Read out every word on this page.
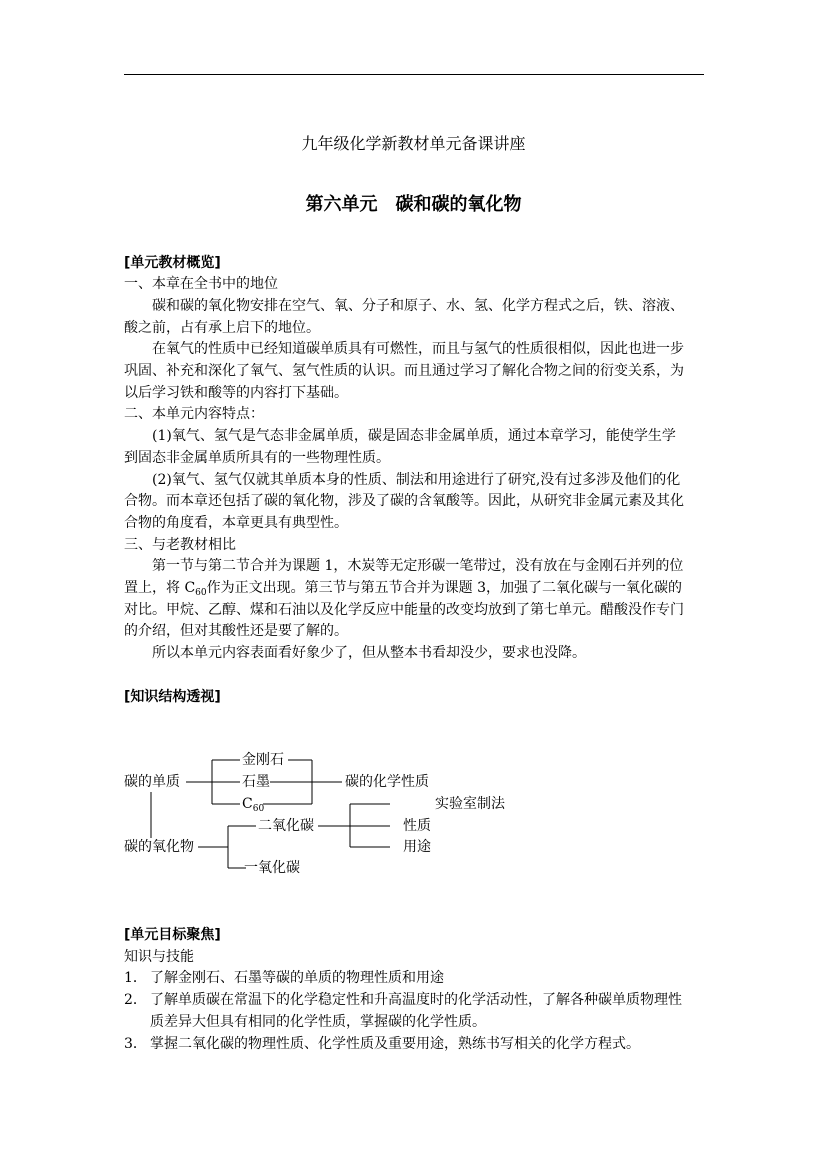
九年级化学新教材单元备课讲座
第六单元　碳和碳的氧化物
[单元教材概览]
一、本章在全书中的地位
碳和碳的氧化物安排在空气、氧、分子和原子、水、氢、化学方程式之后，铁、溶液、
酸之前，占有承上启下的地位。
在氧气的性质中已经知道碳单质具有可燃性，而且与氢气的性质很相似，因此也进一步
巩固、补充和深化了氧气、氢气性质的认识。而且通过学习了解化合物之间的衍变关系，为
以后学习铁和酸等的内容打下基础。
二、本单元内容特点：
(1)氧气、氢气是气态非金属单质，碳是固态非金属单质，通过本章学习，能使学生学
到固态非金属单质所具有的一些物理性质。
(2)氧气、氢气仅就其单质本身的性质、制法和用途进行了研究,没有过多涉及他们的化
合物。而本章还包括了碳的氧化物，涉及了碳的含氧酸等。因此，从研究非金属元素及其化
合物的角度看，本章更具有典型性。
三、与老教材相比
第一节与第二节合并为课题 1，木炭等无定形碳一笔带过，没有放在与金刚石并列的位
置上，将 $C_{60}$作为正文出现。第三节与第五节合并为课题 3，加强了二氧化碳与一氧化碳的
对比。甲烷、乙醇、煤和石油以及化学反应中能量的改变均放到了第七单元。醋酸没作专门
的介绍，但对其酸性还是要了解的。
所以本单元内容表面看好象少了，但从整本书看却没少，要求也没降。
[知识结构透视]
碳的单质
金刚石
石墨
$C_{60}$
碳的化学性质
碳的氧化物
二氧化碳
一氧化碳
实验室制法
性质
用途
[单元目标聚焦]
知识与技能
1． 了解金刚石、石墨等碳的单质的物理性质和用途
2． 了解单质碳在常温下的化学稳定性和升高温度时的化学活动性，了解各种碳单质物理性
质差异大但具有相同的化学性质，掌握碳的化学性质。
3． 掌握二氧化碳的物理性质、化学性质及重要用途，熟练书写相关的化学方程式。
